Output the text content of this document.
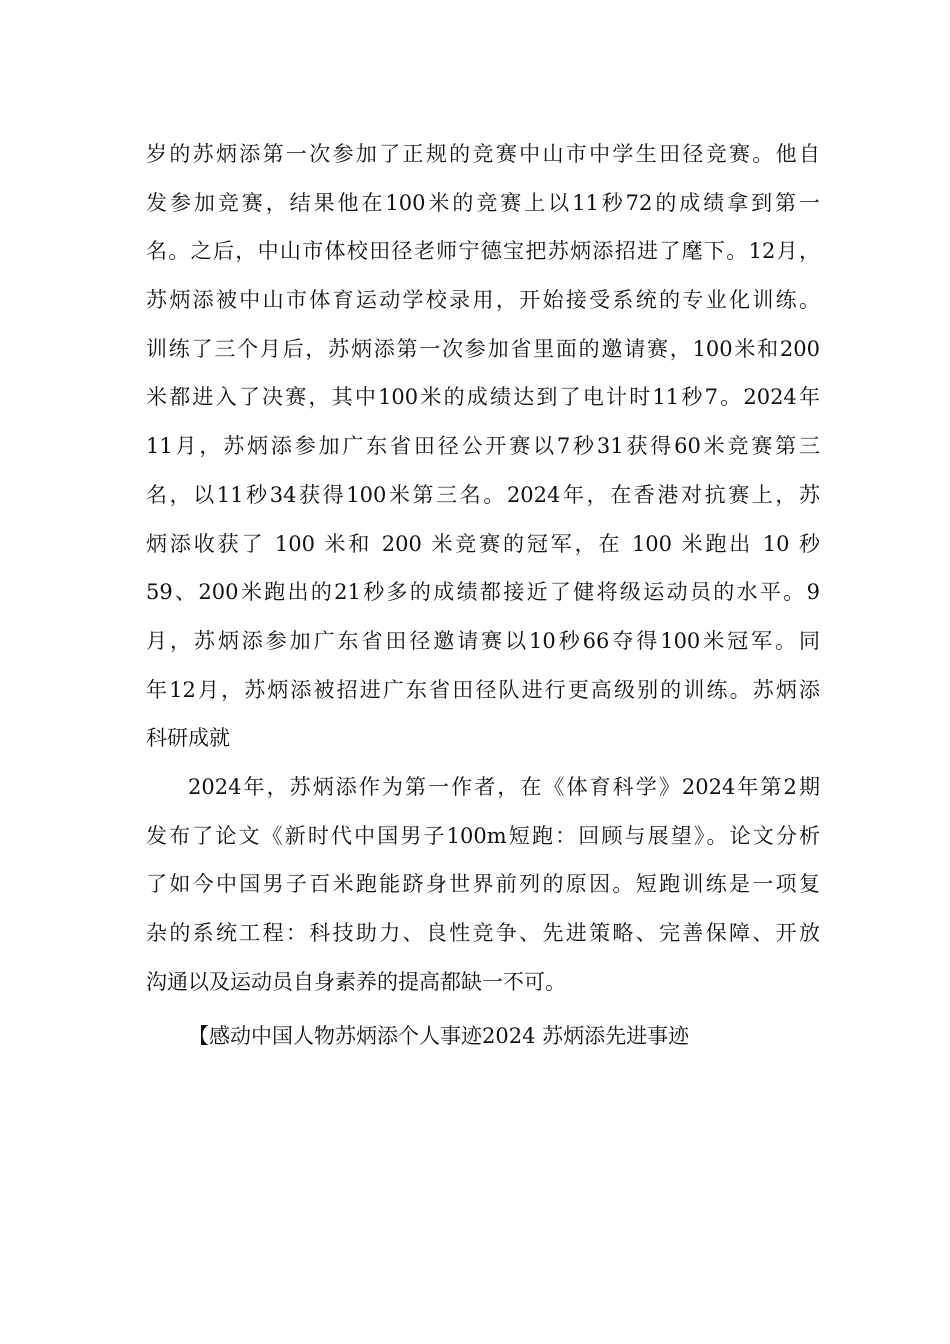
岁的苏炳添第一次参加了正规的竞赛中山市中学生田径竞赛。他自
发参加竞赛，结果他在100米的竞赛上以11秒72的成绩拿到第一
名。之后，中山市体校田径老师宁德宝把苏炳添招进了麾下。12月，
苏炳添被中山市体育运动学校录用，开始接受系统的专业化训练。
训练了三个月后，苏炳添第一次参加省里面的邀请赛，100米和200
米都进入了决赛，其中100米的成绩达到了电计时11秒7。2024年
11月，苏炳添参加广东省田径公开赛以7秒31获得60米竞赛第三
名，以11秒34获得100米第三名。2024年，在香港对抗赛上，苏
炳添收获了 100 米和 200 米竞赛的冠军，在 100 米跑出 10 秒
59、200米跑出的21秒多的成绩都接近了健将级运动员的水平。9
月，苏炳添参加广东省田径邀请赛以10秒66夺得100米冠军。同
年12月，苏炳添被招进广东省田径队进行更高级别的训练。苏炳添
科研成就
2024年，苏炳添作为第一作者，在《体育科学》2024年第2期
发布了论文《新时代中国男子100m短跑：回顾与展望》。论文分析
了如今中国男子百米跑能跻身世界前列的原因。短跑训练是一项复
杂的系统工程：科技助力、良性竞争、先进策略、完善保障、开放
沟通以及运动员自身素养的提高都缺一不可。
【感动中国人物苏炳添个人事迹2024 苏炳添先进事迹
